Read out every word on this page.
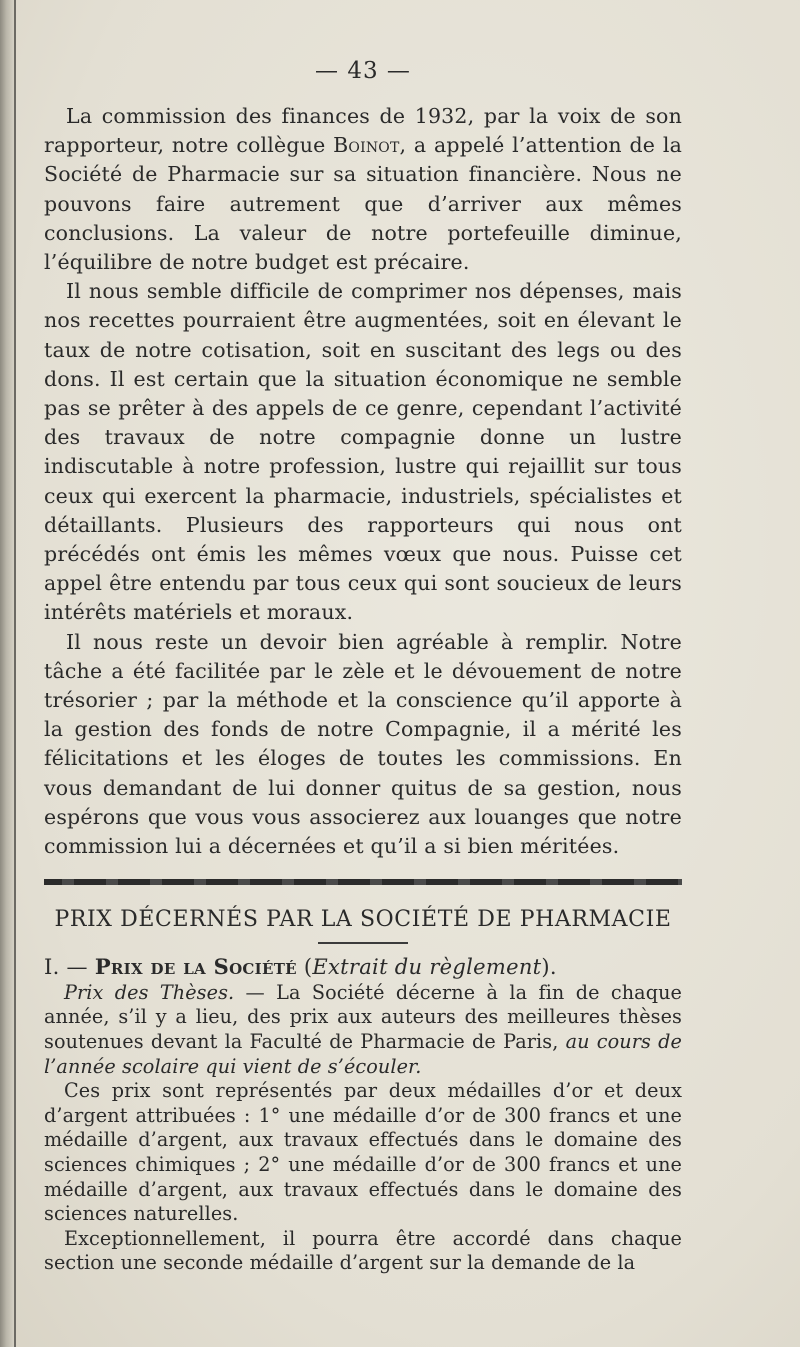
— 43 —

La commission des finances de 1932, par la voix de son rapporteur, notre collègue Boinot, a appelé l’attention de la Société de Pharmacie sur sa situation financière. Nous ne pouvons faire autrement que d’arriver aux mêmes conclusions. La valeur de notre portefeuille diminue, l’équilibre de notre budget est précaire.

Il nous semble difficile de comprimer nos dépenses, mais nos recettes pourraient être augmentées, soit en élevant le taux de notre cotisation, soit en suscitant des legs ou des dons. Il est certain que la situation économique ne semble pas se prêter à des appels de ce genre, cependant l’activité des travaux de notre compagnie donne un lustre indiscutable à notre profession, lustre qui rejaillit sur tous ceux qui exercent la pharmacie, industriels, spécialistes et détaillants. Plusieurs des rapporteurs qui nous ont précédés ont émis les mêmes vœux que nous. Puisse cet appel être entendu par tous ceux qui sont soucieux de leurs intérêts matériels et moraux.

Il nous reste un devoir bien agréable à remplir. Notre tâche a été facilitée par le zèle et le dévouement de notre trésorier ; par la méthode et la conscience qu’il apporte à la gestion des fonds de notre Compagnie, il a mérité les félicitations et les éloges de toutes les commissions. En vous demandant de lui donner quitus de sa gestion, nous espérons que vous vous associerez aux louanges que notre commission lui a décernées et qu’il a si bien méritées.

PRIX DÉCERNÉS PAR LA SOCIÉTÉ DE PHARMACIE
I. — Prix de la Société (Extrait du règlement).

Prix des Thèses. — La Société décerne à la fin de chaque année, s’il y a lieu, des prix aux auteurs des meilleures thèses soutenues devant la Faculté de Pharmacie de Paris, au cours de l’année scolaire qui vient de s’écouler.

Ces prix sont représentés par deux médailles d’or et deux d’argent attribuées : 1° une médaille d’or de 300 francs et une médaille d’argent, aux travaux effectués dans le domaine des sciences chimiques ; 2° une médaille d’or de 300 francs et une médaille d’argent, aux travaux effectués dans le domaine des sciences naturelles.

Exceptionnellement, il pourra être accordé dans chaque section une seconde médaille d’argent sur la demande de la
